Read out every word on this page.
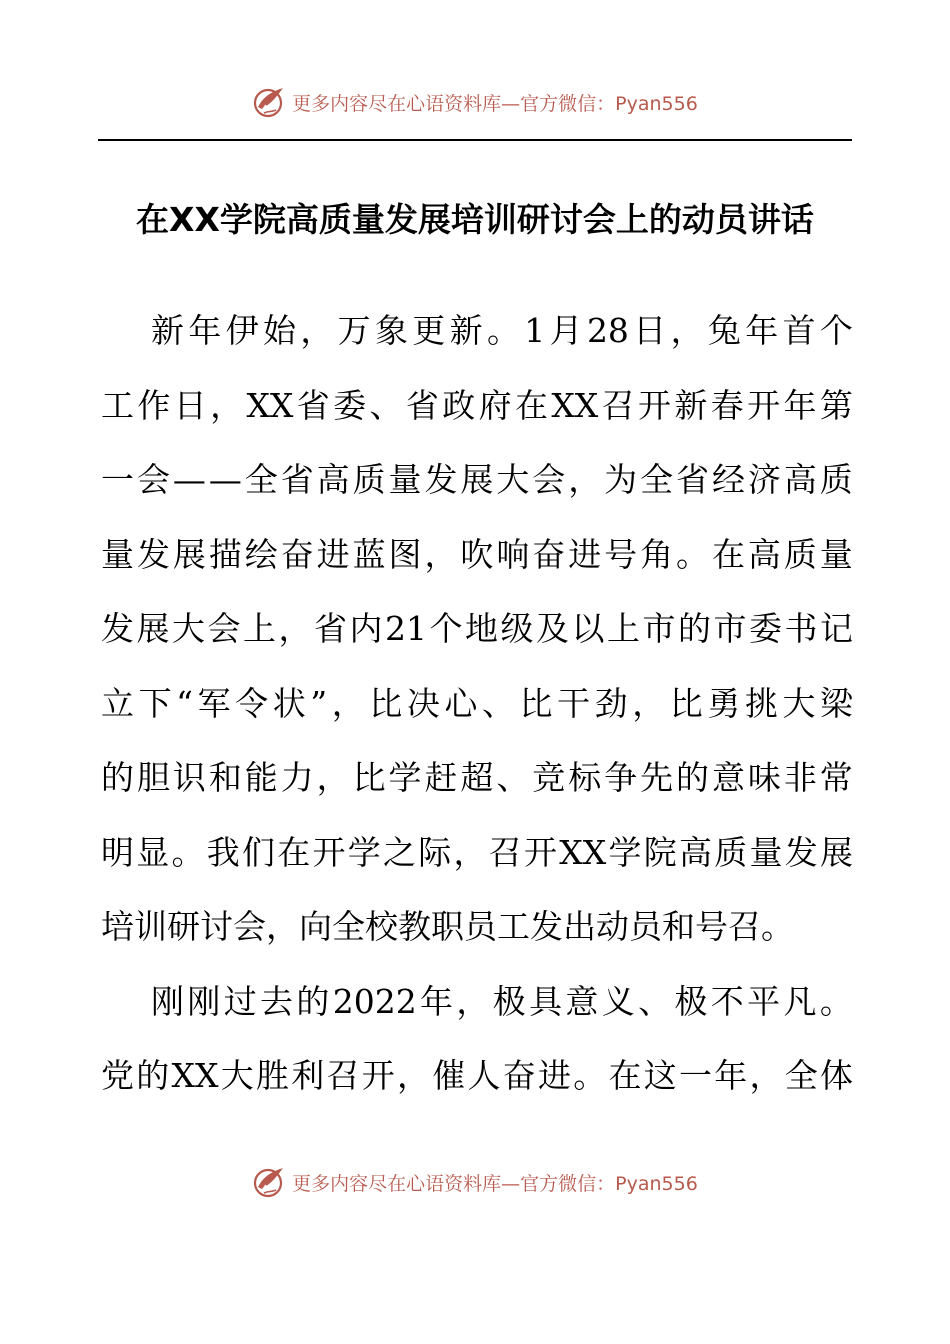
更多内容尽在心语资料库—官方微信：Pyan556
在XX学院高质量发展培训研讨会上的动员讲话
新 年 伊 始 ， 万 象 更 新 。 1 月 28 日 ， 兔 年 首 个
工 作 日 ， XX 省 委 、 省 政 府 在 XX 召 开 新 春 开 年 第
一 会 — — 全 省 高 质 量 发 展 大 会 ， 为 全 省 经 济 高 质
量 发 展 描 绘 奋 进 蓝 图 ， 吹 响 奋 进 号 角 。 在 高 质 量
发 展 大 会 上 ， 省 内 21 个 地 级 及 以 上 市 的 市 委 书 记
立 下 “ 军 令 状 ” ， 比 决 心 、 比 干 劲 ， 比 勇 挑 大 梁
的 胆 识 和 能 力 ， 比 学 赶 超 、 竞 标 争 先 的 意 味 非 常
明 显 。 我 们 在 开 学 之 际 ， 召 开 XX 学 院 高 质 量 发 展
培 训 研 讨 会 ， 向 全 校 教 职 员 工 发 出 动 员 和 号 召 。
刚 刚 过 去 的 2022 年 ， 极 具 意 义 、 极 不 平 凡 。
党 的 XX 大 胜 利 召 开 ， 催 人 奋 进 。 在 这 一 年 ， 全 体
更多内容尽在心语资料库—官方微信：Pyan556
